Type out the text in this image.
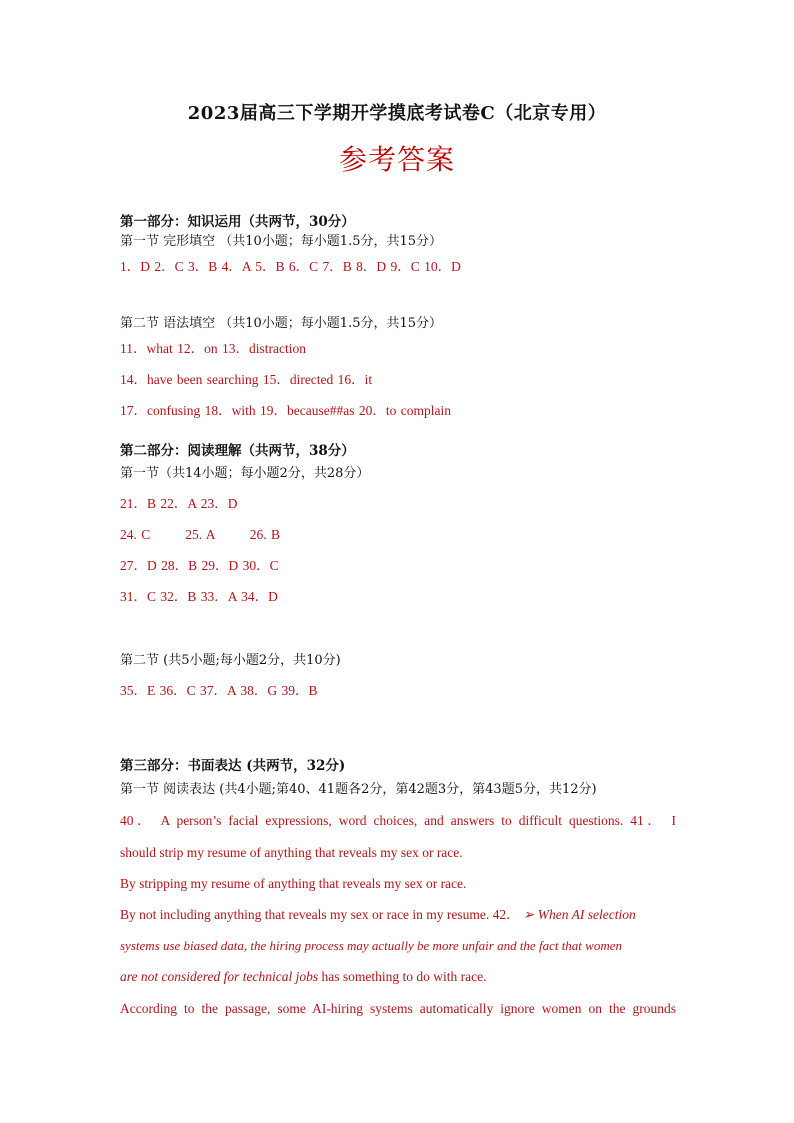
2023届高三下学期开学摸底考试卷C（北京专用）
参考答案
第一部分：知识运用（共两节，30分）
第一节 完形填空 （共10小题；每小题1.5分，共15分）
1．D 2．C 3．B 4．A 5．B 6．C 7．B 8．D 9．C 10．D
第二节 语法填空 （共10小题；每小题1.5分，共15分）
11．what 12．on 13．distraction
14．have been searching 15．directed 16．it
17．confusing 18．with 19．because##as 20．to complain
第二部分：阅读理解（共两节，38分）
第一节（共14小题；每小题2分，共28分）
21．B 22．A 23．D
24. C        25. A        26. B
27．D 28．B 29．D 30．C
31．C 32．B 33．A 34．D
第二节 (共5小题;每小题2分，共10分)
35．E 36．C 37．A 38．G 39．B
第三部分：书面表达 (共两节，32分)
第一节 阅读表达 (共4小题;第40、41题各2分，第42题3分，第43题5分，共12分)
40． A person’s facial expressions, word choices, and answers to difficult questions. 41． I
should strip my resume of anything that reveals my sex or race.
By stripping my resume of anything that reveals my sex or race.
By not including anything that reveals my sex or race in my resume. 42． ➢ When AI selection
systems use biased data, the hiring process may actually be more unfair and the fact that women
are not considered for technical jobs has something to do with race.
According to the passage, some AI-hiring systems automatically ignore women on the grounds
